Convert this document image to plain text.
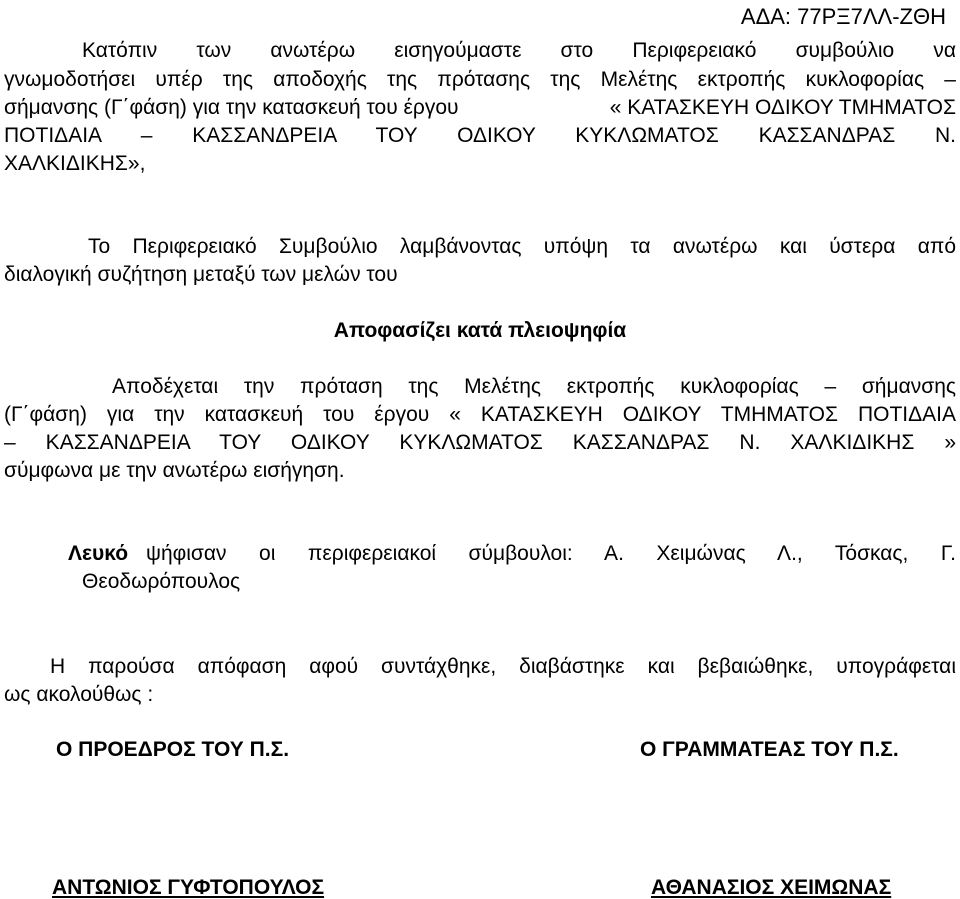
ΑΔΑ: 77ΡΞ7ΛΛ-ΖΘΗ
Κατόπιν των ανωτέρω εισηγούμαστε στο Περιφερειακό συμβούλιο να
γνωμοδοτήσει υπέρ της αποδοχής της πρότασης της Μελέτης εκτροπής κυκλοφορίας –
σήμανσης (Γ΄φάση) για την κατασκευή του έργου	« ΚΑΤΑΣΚΕΥΗ ΟΔΙΚΟΥ ΤΜΗΜΑΤΟΣ
ΠΟΤΙΔΑΙΑ – ΚΑΣΣΑΝΔΡΕΙΑ ΤΟΥ ΟΔΙΚΟΥ ΚΥΚΛΩΜΑΤΟΣ ΚΑΣΣΑΝΔΡΑΣ Ν.
ΧΑΛΚΙΔΙΚΗΣ»,
Το Περιφερειακό Συμβούλιο λαμβάνοντας υπόψη τα ανωτέρω και ύστερα από
διαλογική συζήτηση μεταξύ των μελών του
Αποφασίζει κατά πλειοψηφία
Αποδέχεται την πρόταση της Μελέτης εκτροπής κυκλοφορίας – σήμανσης
(Γ΄φάση) για την κατασκευή του έργου « ΚΑΤΑΣΚΕΥΗ ΟΔΙΚΟΥ ΤΜΗΜΑΤΟΣ ΠΟΤΙΔΑΙΑ
– ΚΑΣΣΑΝΔΡΕΙΑ ΤΟΥ ΟΔΙΚΟΥ ΚΥΚΛΩΜΑΤΟΣ ΚΑΣΣΑΝΔΡΑΣ Ν. ΧΑΛΚΙΔΙΚΗΣ »
σύμφωνα με την ανωτέρω εισήγηση.
Λευκό ψήφισαν οι περιφερειακοί σύμβουλοι: Α. Χειμώνας Λ., Τόσκας, Γ.
Θεοδωρόπουλος
Η παρούσα απόφαση αφού συντάχθηκε, διαβάστηκε και βεβαιώθηκε, υπογράφεται
ως ακολούθως :
Ο ΠΡΟΕΔΡΟΣ ΤΟΥ Π.Σ.	Ο ΓΡΑΜΜΑΤΕΑΣ ΤΟΥ Π.Σ.
ΑΝΤΩΝΙΟΣ ΓΥΦΤΟΠΟΥΛΟΣ	ΑΘΑΝΑΣΙΟΣ ΧΕΙΜΩΝΑΣ
